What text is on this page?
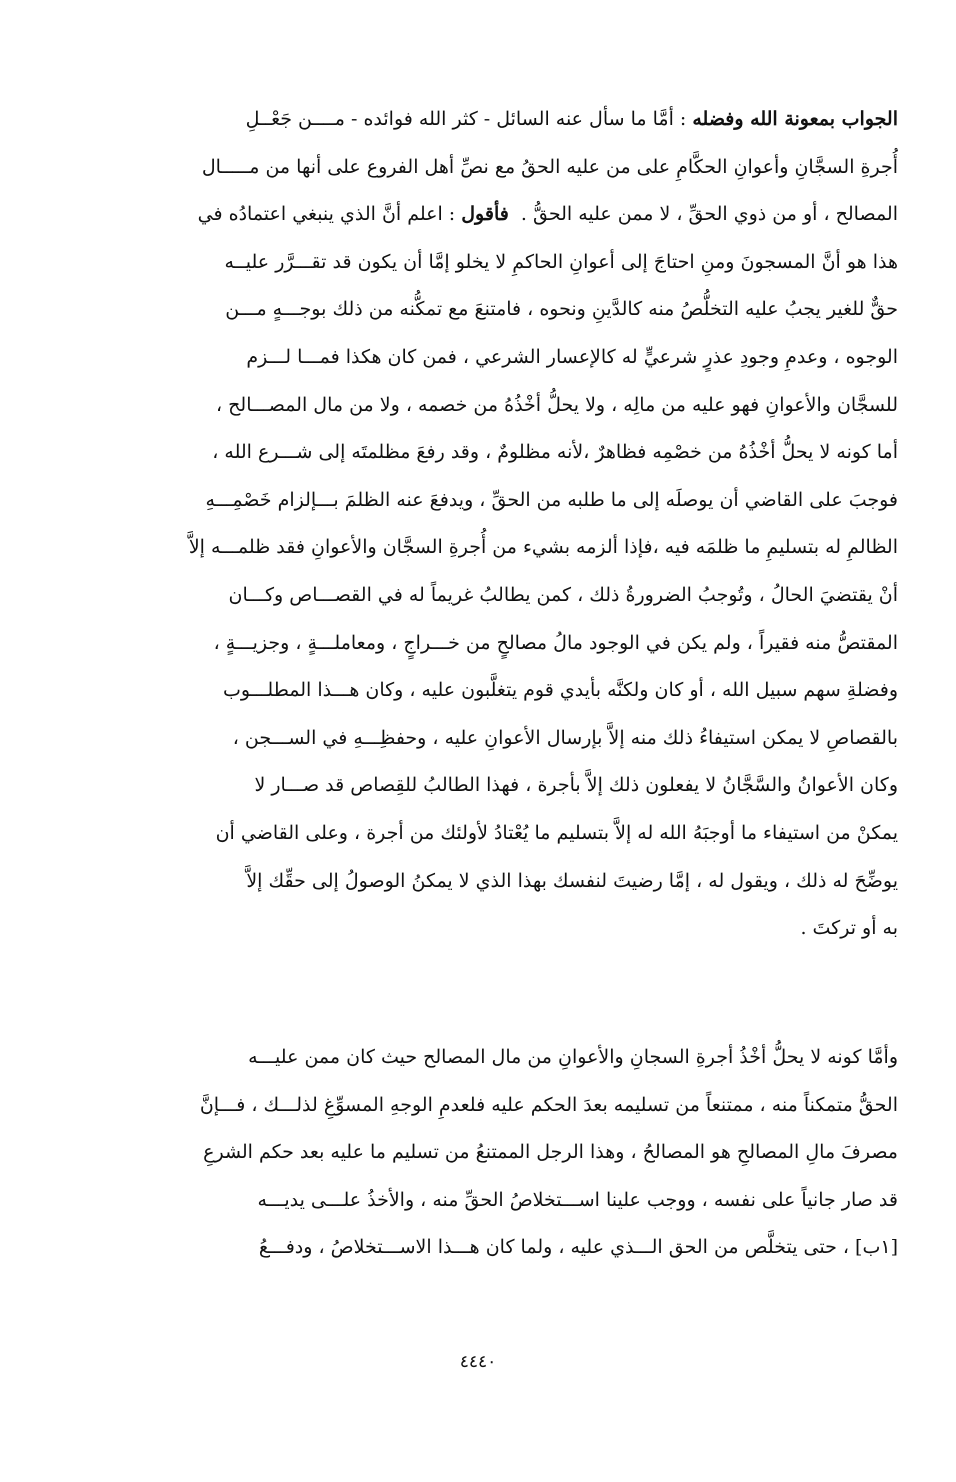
الجواب بمعونة الله وفضله : أمَّا ما سأل عنه السائل - كثر الله فوائده - مــــن جَعْــلِ
أُجرةِ السجَّانِ وأعوانِ الحكَّامِ على من عليه الحقُ مع نصِّ أهل الفروع على أنها من مـــــال
المصالح ، أو من ذوي الحقِّ ، لا ممن عليه الحقُّ .  فأقول : اعلم أنَّ الذي ينبغي اعتمادُه في
هذا هو أنَّ المسجونَ ومنِ احتاجَ إلى أعوانِ الحاكمِ لا يخلو إمَّا أن يكون قد تقـــرَّر عليــه
حقٌّ للغير يجبُ عليه التخلُّصُ منه كالدَّينِ ونحوه ، فامتنعَ مع تمكُّنه من ذلك بوجـــهٍ مـــن
الوجوه ، وعدمِ وجودِ عذرٍ شرعيٍّ له كالإعسار الشرعي ، فمن كان هكذا فمـــا لـــزم
للسجَّان والأعوانِ فهو عليه من مالِه ، ولا يحلُّ أخْذُهُ من خصمه ، ولا من مال المصـــالح ،
أما كونه لا يحلُّ أخْذُهُ من خصْمِه فظاهرٌ ،لأنه مظلومٌ ، وقد رفعَ مظلمتَه إلى شـــرع الله ،
فوجبَ على القاضي أن يوصلَه إلى ما طلبه من الحقِّ ، ويدفعَ عنه الظلمَ بـــإلزام خَصْمِـــهِ
الظالمِ له بتسليمِ ما ظلمَه فيه ،فإذا ألزمه بشيء من أُجرةِ السجَّان والأعوانِ فقد ظلمـــه إلاَّ
أنْ يقتضيَ الحالُ ، وتُوجبُ الضرورةُ ذلك ، كمن يطالبُ غريماً له في القصـــاص وكـــان
المقتصُّ منه فقيراً ، ولم يكن في الوجود مالُ مصالحٍ من خـــراجٍ ، ومعاملـــةٍ ، وجزيـــةٍ ،
وفضلةِ سهم سبيل الله ، أو كان ولكنَّه بأيدي قوم يتغلَّبون عليه ، وكان هـــذا المطلـــوب
بالقصاصِ لا يمكن استيفاءُ ذلك منه إلاَّ بإرسال الأعوانِ عليه ، وحفظِـــهِ في الســـجن ،
وكان الأعوانُ والسَّجَّانُ لا يفعلون ذلك إلاَّ بأجرة ، فهذا الطالبُ للقِصاص قد صـــار لا
يمكنْ من استيفاء ما أوجبَهُ الله له إلاَّ بتسليم ما يُعْتادُ لأولئك من أجرة ، وعلى القاضي أن
يوضِّحَ له ذلك ، ويقول له ، إمَّا رضيتَ لنفسك بهذا الذي لا يمكنُ الوصولُ إلى حقِّك إلاَّ
به أو تركتَ .
وأمَّا كونه لا يحلُّ أخْذُ أجرةِ السجانِ والأعوانِ من مال المصالح حيث كان ممن عليـــه
الحقُّ متمكناً منه ، ممتنعاً من تسليمه بعدَ الحكم عليه فلعدمِ الوجهِ المسوِّغِ لذلـــك ، فـــإنَّ
مصرفَ مالِ المصالحِ هو المصالحُ ، وهذا الرجل الممتنعُ من تسليم ما عليه بعد حكم الشرعِ
قد صار جانياً على نفسه ، ووجب علينا اســـتخلاصُ الحقِّ منه ، والأخذُ علـــى يديـــه
[١ب] ، حتى يتخلَّص من الحق الـــذي عليه ، ولما كان هـــذا الاســـتخلاصُ ، ودفـــعُ
٤٤٤٠
